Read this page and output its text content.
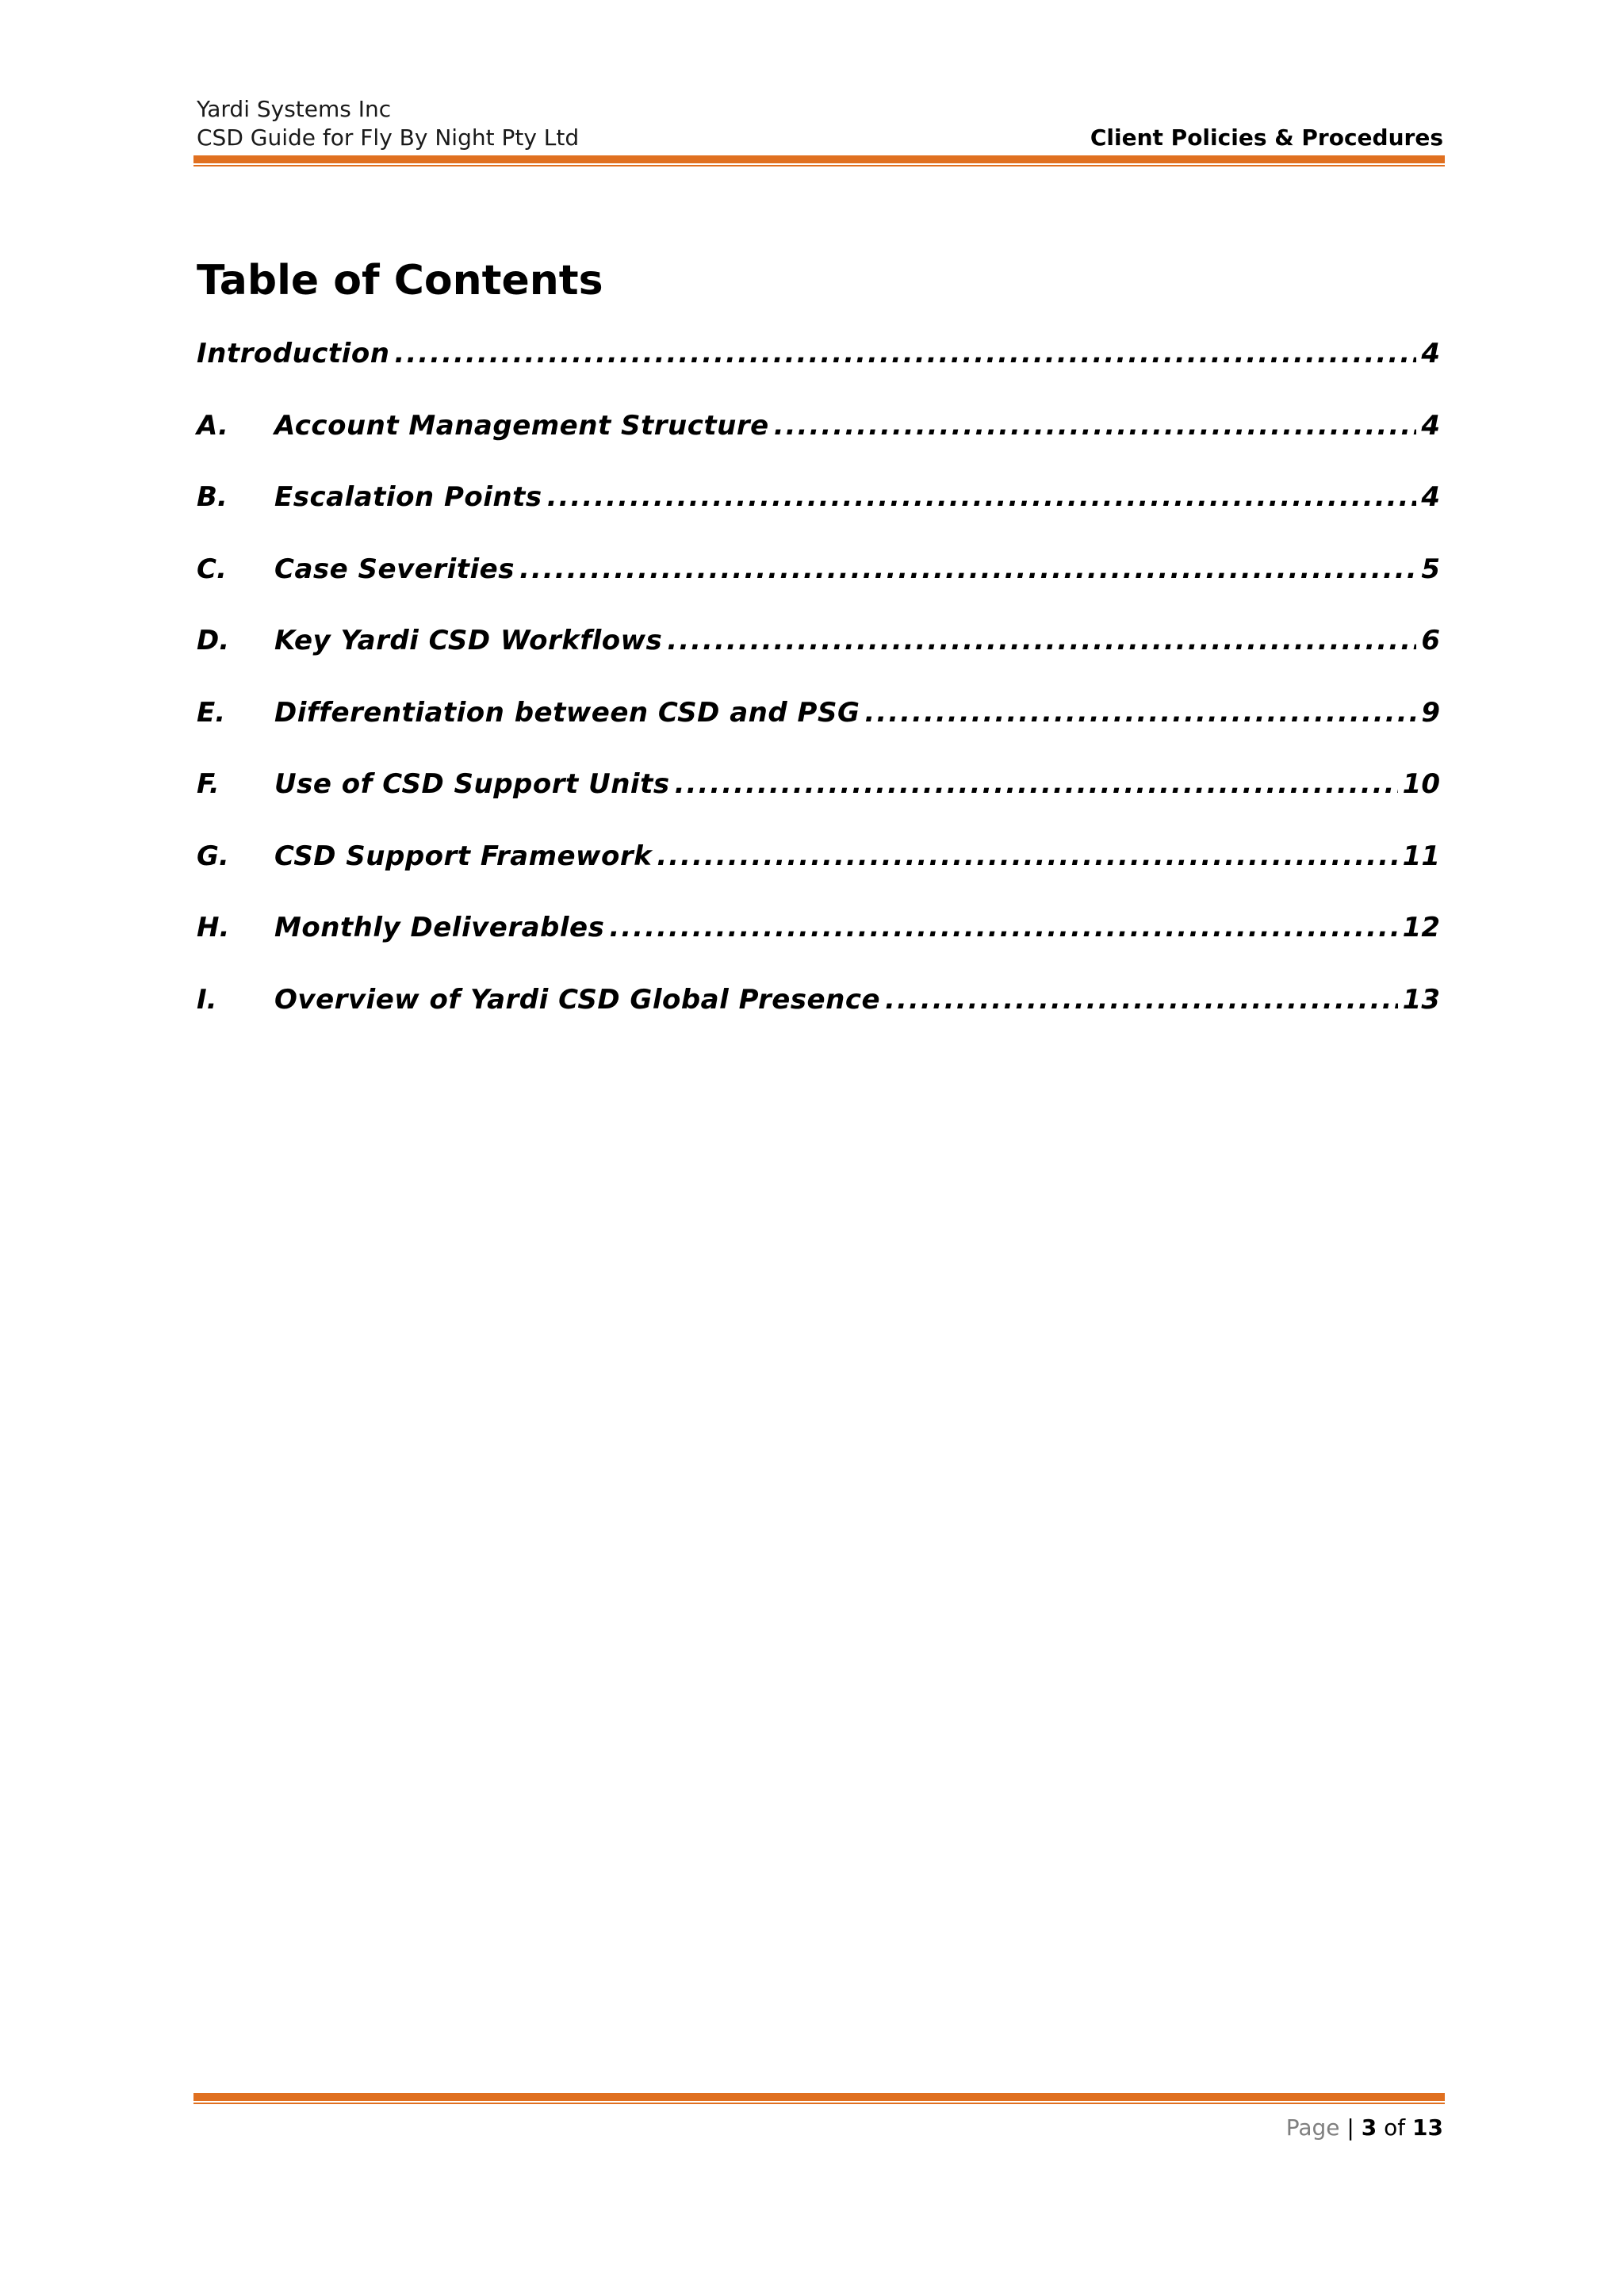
Yardi Systems Inc
CSD Guide for Fly By Night Pty Ltd	Client Policies & Procedures
Table of Contents
Introduction .....	4
A.	Account Management Structure .....	4
B.	Escalation Points .....	4
C.	Case Severities .....	5
D.	Key Yardi CSD Workflows .....	6
E.	Differentiation between CSD and PSG .....	9
F.	Use of CSD Support Units .....	10
G.	CSD Support Framework .....	11
H.	Monthly Deliverables .....	12
I.	Overview of Yardi CSD Global Presence .....	13
Page | 3 of 13
